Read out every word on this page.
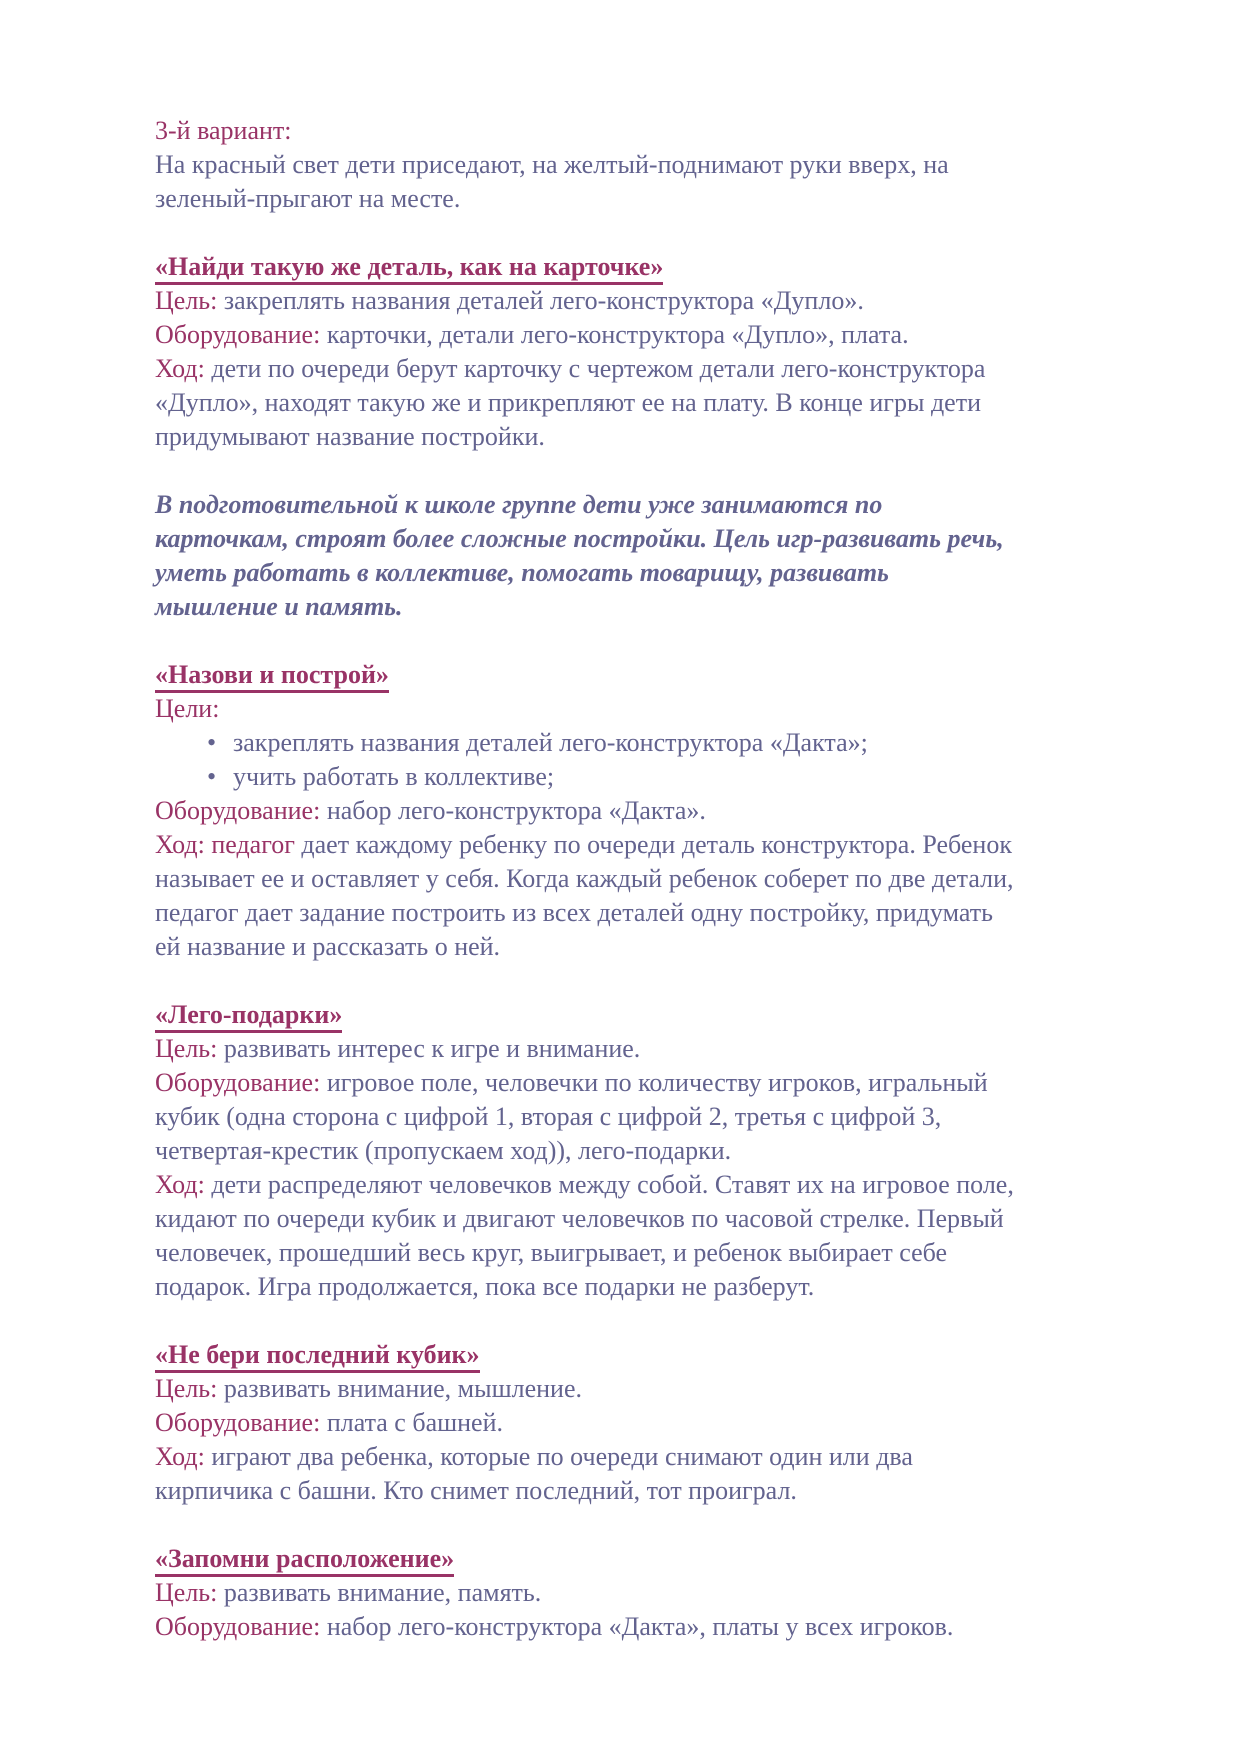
3-й вариант:

На красный свет дети приседают, на желтый-поднимают руки вверх, на

зеленый-прыгают на месте.

«Найди такую же деталь, как на карточке»

Цель: закреплять названия деталей лего-конструктора «Дупло».

Оборудование: карточки, детали лего-конструктора «Дупло», плата.

Ход: дети по очереди берут карточку с чертежом детали лего-конструктора

«Дупло», находят такую же и прикрепляют ее на плату. В конце игры дети

придумывают название постройки.

В подготовительной к школе группе дети уже занимаются по

карточкам, строят более сложные постройки. Цель игр-развивать речь,

уметь работать в коллективе, помогать товарищу, развивать

мышление и память.

«Назови и построй»

Цели:

• закреплять названия деталей лего-конструктора «Дакта»;

• учить работать в коллективе;

Оборудование: набор лего-конструктора «Дакта».

Ход: педагог дает каждому ребенку по очереди деталь конструктора. Ребенок

называет ее и оставляет у себя. Когда каждый ребенок соберет по две детали,

педагог дает задание построить из всех деталей одну постройку, придумать

ей название и рассказать о ней.

«Лего-подарки»

Цель: развивать интерес к игре и внимание.

Оборудование: игровое поле, человечки по количеству игроков, игральный

кубик (одна сторона с цифрой 1, вторая с цифрой 2, третья с цифрой 3,

четвертая-крестик (пропускаем ход)), лего-подарки.

Ход: дети распределяют человечков между собой. Ставят их на игровое поле,

кидают по очереди кубик и двигают человечков по часовой стрелке. Первый

человечек, прошедший весь круг, выигрывает, и ребенок выбирает себе

подарок. Игра продолжается, пока все подарки не разберут.

«Не бери последний кубик»

Цель: развивать внимание, мышление.

Оборудование: плата с башней.

Ход: играют два ребенка, которые по очереди снимают один или два

кирпичика с башни. Кто снимет последний, тот проиграл.

«Запомни расположение»

Цель: развивать внимание, память.

Оборудование: набор лего-конструктора «Дакта», платы у всех игроков.
